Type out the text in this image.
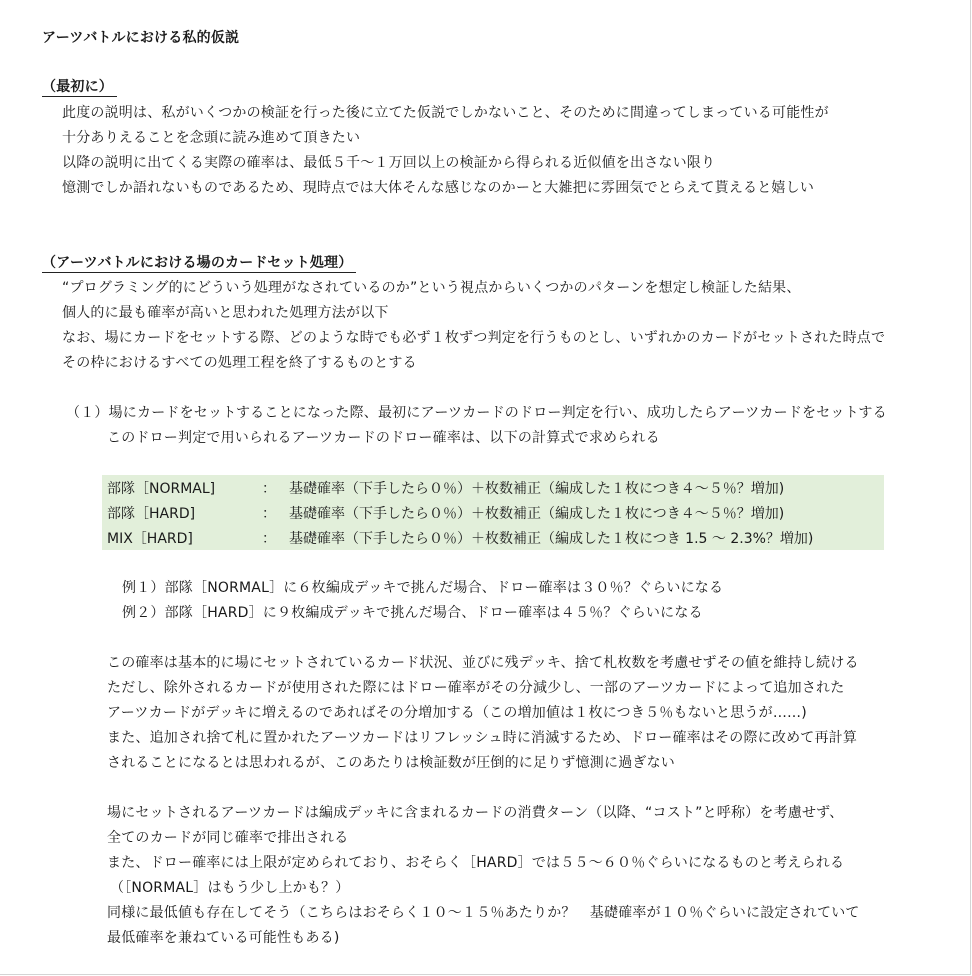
アーツバトルにおける私的仮説
（最初に）
此度の説明は、私がいくつかの検証を行った後に立てた仮説でしかないこと、そのために間違ってしまっている可能性が
十分ありえることを念頭に読み進めて頂きたい
以降の説明に出てくる実際の確率は、最低５千～１万回以上の検証から得られる近似値を出さない限り
憶測でしか語れないものであるため、現時点では大体そんな感じなのかーと大雑把に雰囲気でとらえて貰えると嬉しい
（アーツバトルにおける場のカードセット処理）
“プログラミング的にどういう処理がなされているのか”という視点からいくつかのパターンを想定し検証した結果、
個人的に最も確率が高いと思われた処理方法が以下
なお、場にカードをセットする際、どのような時でも必ず１枚ずつ判定を行うものとし、いずれかのカードがセットされた時点で
その枠におけるすべての処理工程を終了するものとする
（１）場にカードをセットすることになった際、最初にアーツカードのドロー判定を行い、成功したらアーツカードをセットする
このドロー判定で用いられるアーツカードのドロー確率は、以下の計算式で求められる
部隊［NORMAL]	： 基礎確率（下手したら０％）＋枚数補正（編成した１枚につき４～５％？増加)
部隊［HARD]	： 基礎確率（下手したら０％）＋枚数補正（編成した１枚につき４～５％？増加)
MIX［HARD]	： 基礎確率（下手したら０％）＋枚数補正（編成した１枚につき 1.5 ～ 2.3%？増加)
例１）部隊［NORMAL］に６枚編成デッキで挑んだ場合、ドロー確率は３０％？ぐらいになる
例２）部隊［HARD］に９枚編成デッキで挑んだ場合、ドロー確率は４５％？ぐらいになる
この確率は基本的に場にセットされているカード状況、並びに残デッキ、捨て札枚数を考慮せずその値を維持し続ける
ただし、除外されるカードが使用された際にはドロー確率がその分減少し、一部のアーツカードによって追加された
アーツカードがデッキに増えるのであればその分増加する（この増加値は１枚につき５％もないと思うが……)
また、追加され捨て札に置かれたアーツカードはリフレッシュ時に消滅するため、ドロー確率はその際に改めて再計算
されることになるとは思われるが、このあたりは検証数が圧倒的に足りず憶測に過ぎない
場にセットされるアーツカードは編成デッキに含まれるカードの消費ターン（以降、“コスト”と呼称）を考慮せず、
全てのカードが同じ確率で排出される
また、ドロー確率には上限が定められており、おそらく［HARD］では５５～６０％ぐらいになるものと考えられる
（［NORMAL］はもう少し上かも？）
同様に最低値も存在してそう（こちらはおそらく１０～１５％あたりか？　基礎確率が１０％ぐらいに設定されていて
最低確率を兼ねている可能性もある)
